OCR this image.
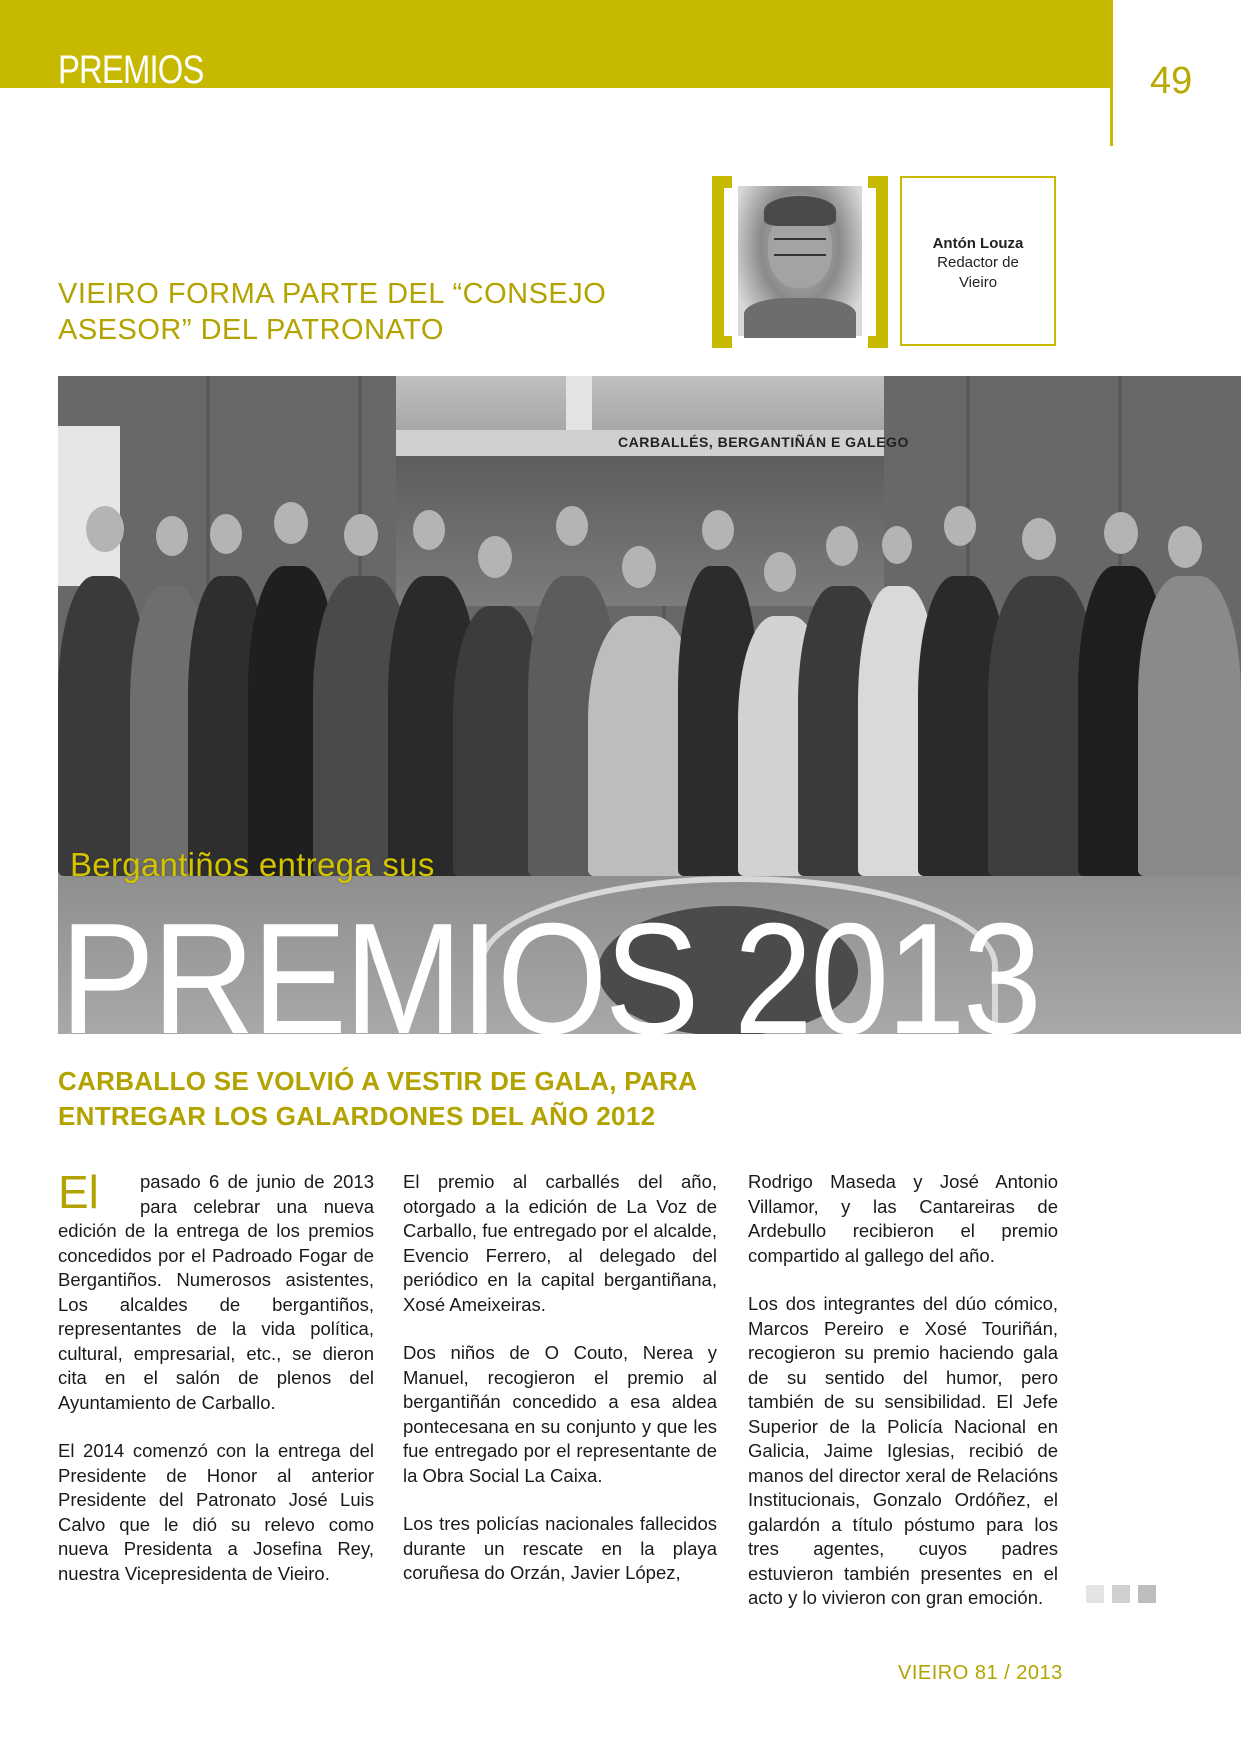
PREMIOS	49
VIEIRO FORMA PARTE DEL “CONSEJO
ASESOR” DEL PATRONATO
Antón Louza
Redactor de
Vieiro
CARBALLÉS, BERGANTIÑÁN E GALEGO
Bergantiños entrega sus
PREMIOS 2013
CARBALLO SE VOLVIÓ A VESTIR DE GALA, PARA
ENTREGAR LOS GALARDONES DEL AÑO 2012

El	pasado 6 de junio de 2013 para celebrar una nueva edición de la entrega de los premios concedidos por el Padroado Fogar de Bergantiños. Numerosos asistentes, Los alcaldes de bergantiños, representantes de la vida política, cultural, empresarial, etc., se dieron cita en el salón de plenos del Ayuntamiento de Carballo.

El 2014 comenzó con la entrega del Presidente de Honor al anterior Presidente del Patronato José Luis Calvo que le dió su relevo como nueva Presidenta a Josefina Rey, nuestra Vicepresidenta de Vieiro.

El premio al carballés del año, otorgado a la edición de La Voz de Carballo, fue entregado por el alcalde, Evencio Ferrero, al delegado del periódico en la capital bergantiñana, Xosé Ameixeiras.

Dos niños de O Couto, Nerea y Manuel, recogieron el premio al bergantiñán concedido a esa aldea pontecesana en su conjunto y que les fue entregado por el representante de la Obra Social La Caixa.

Los tres policías nacionales fallecidos durante un rescate en la playa coruñesa do Orzán, Javier López,

Rodrigo Maseda y José Antonio Villamor, y las Cantareiras de Ardebullo recibieron el premio compartido al gallego del año.

Los dos integrantes del dúo cómico, Marcos Pereiro e Xosé Touriñán, recogieron su premio haciendo gala de su sentido del humor, pero también de su sensibilidad. El Jefe Superior de la Policía Nacional en Galicia, Jaime Iglesias, recibió de manos del director xeral de Relacións Institucionais, Gonzalo Ordóñez, el galardón a título póstumo para los tres agentes, cuyos padres estuvieron también presentes en el acto y lo vivieron con gran emoción.

VIEIRO 81 / 2013
